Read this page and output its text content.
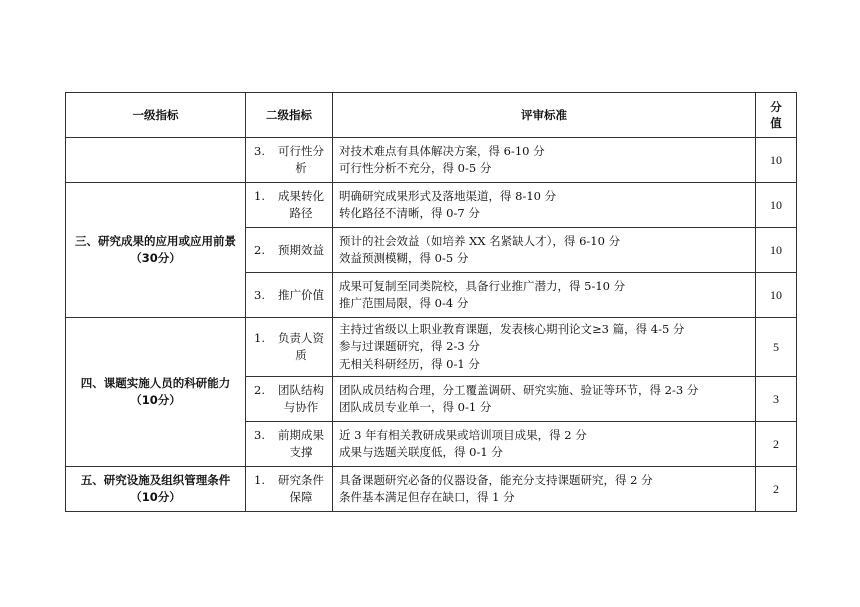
一级指标	二级指标	评审标准	分值

	3. 可行性分析	对技术难点有具体解决方案，得 6-10 分
可行性分析不充分，得 0-5 分	10
三、研究成果的应用或应用前景（30分）	1. 成果转化路径	明确研究成果形式及落地渠道，得 8-10 分
转化路径不清晰，得 0-7 分	10

	2. 预期效益	预计的社会效益（如培养 XX 名紧缺人才），得 6-10 分
效益预测模糊，得 0-5 分	10

	3. 推广价值	成果可复制至同类院校，具备行业推广潜力，得 5-10 分
推广范围局限，得 0-4 分	10
四、课题实施人员的科研能力（10分）	1. 负责人资质	主持过省级以上职业教育课题，发表核心期刊论文≥3 篇，得 4-5 分
参与过课题研究，得 2-3 分
无相关科研经历，得 0-1 分	5

	2. 团队结构与协作	团队成员结构合理，分工覆盖调研、研究实施、验证等环节，得 2-3 分
团队成员专业单一，得 0-1 分	3

	3. 前期成果支撑	近 3 年有相关教研成果或培训项目成果，得 2 分
成果与选题关联度低，得 0-1 分	2
五、研究设施及组织管理条件（10分）	1. 研究条件保障	具备课题研究必备的仪器设备，能充分支持课题研究，得 2 分
条件基本满足但存在缺口，得 1 分	2
